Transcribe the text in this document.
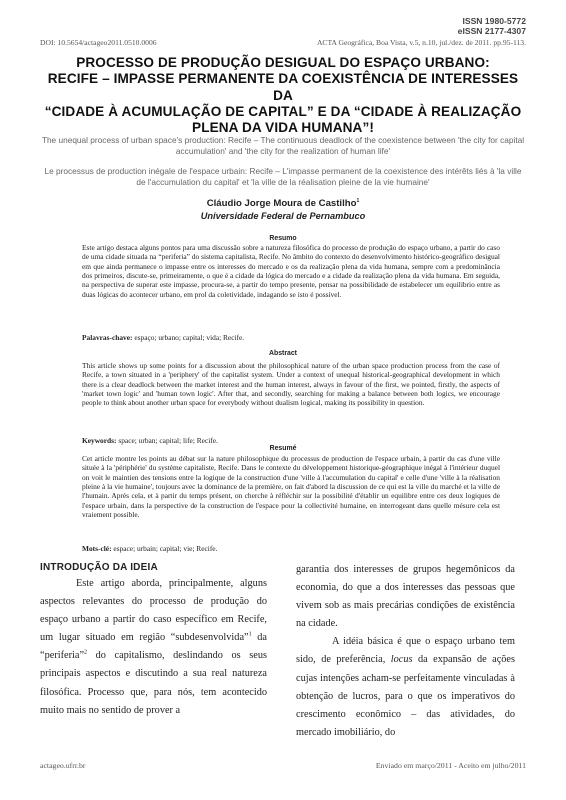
ISSN 1980-5772
eISSN 2177-4307
DOI: 10.5654/actageo2011.0510.0006	ACTA Geográfica, Boa Vista, v.5, n.10, jul./dez. de 2011. pp.95-113.
PROCESSO DE PRODUÇÃO DESIGUAL DO ESPAÇO URBANO:
RECIFE – IMPASSE PERMANENTE DA COEXISTÊNCIA DE INTERESSES DA
“CIDADE À ACUMULAÇÃO DE CAPITAL” E DA “CIDADE À REALIZAÇÃO
PLENA DA VIDA HUMANA”!
The unequal process of urban space's production: Recife – The continuous deadlock of the coexistence between 'the city for capital accumulation' and 'the city for the realization of human life'
Le processus de production inégale de l'espace urbain: Recife – L'impasse permanent de la coexistence des intérêts liés à 'la ville de l'accumulation du capital' et 'la ville de la réalisation pleine de la vie humaine'
Cláudio Jorge Moura de Castilho$^1$
Universidade Federal de Pernambuco
Resumo
Este artigo destaca alguns pontos para uma discussão sobre a natureza filosófica do processo de produção do espaço urbano, a partir do caso de uma cidade situada na “periferia” do sistema capitalista, Recife. No âmbito do contexto do desenvolvimento histórico-geográfico desigual em que ainda permanece o impasse entre os interesses do mercado e os da realização plena da vida humana, sempre com a predominância dos primeiros, discute-se, primeiramente, o que é a cidade da lógica do mercado e a cidade da realização plena da vida humana. Em seguida, na perspectiva de superar este impasse, procura-se, a partir do tempo presente, pensar na possibilidade de estabelecer um equilíbrio entre as duas lógicas do acontecer urbano, em prol da coletividade, indagando se isto é possível.
Palavras-chave: espaço; urbano; capital; vida; Recife.
Abstract
This article shows up some points for a discussion about the philosophical nature of the urban space production process from the case of Recife, a town situated in a 'periphery' of the capitalist system. Under a context of unequal historical-geographical development in which there is a clear deadlock between the market interest and the human interest, always in favour of the first, we pointed, firstly, the aspects of 'market town logic' and 'human town logic'. After that, and secondly, searching for making a balance between both logics, we encourage people to think about another urban space for everybody without dualism logical, making its possibility in question.
Keywords: space; urban; capital; life; Recife.
Resumé
Cet article montre les points au débat sur la nature philosophique du processus de production de l'espace urbain, à partir du cas d'une ville située à la 'périphérie' du système capitaliste, Recife. Dans le contexte du développement historique-géographique inégal à l'intérieur duquel on voit le maintien des tensions entre la logique de la construction d'une 'ville à l'accumulation du capital' e celle d'une 'ville à la réalisation pleine à la vie humaine', toujours avec la dominance de la première, on fait d'abord la discussion de ce qui est la ville du marché et la ville de l'humain. Après cela, et à partir du temps présent, on cherche à réfléchir sur la possibilité d'établir un equilibre entre ces deux logiques de l'espace urbain, dans la perspective de la construction de l'espace pour la collectivité humaine, en interrogeant dans quelle mésure cela est vraiement possible.
Mots-clé: espace; urbain; capital; vie; Recife.
INTRODUÇÃO DA IDEIA

Este artigo aborda, principalmente, alguns aspectos relevantes do processo de produção do espaço urbano a partir do caso específico em Recife, um lugar situado em região “subdesenvolvida”$^1$ da “periferia”$^2$ do capitalismo, deslindando os seus principais aspectos e discutindo a sua real natureza filosófica. Processo que, para nós, tem acontecido muito mais no sentido de prover a

garantia dos interesses de grupos hegemônicos da economia, do que a dos interesses das pessoas que vivem sob as mais precárias condições de existência na cidade.

A idéia básica é que o espaço urbano tem sido, de preferência, locus da expansão de ações cujas intenções acham-se perfeitamente vinculadas à obtenção de lucros, para o que os imperativos do crescimento econômico – das atividades, do mercado imobiliário, do

actageo.ufrr.br	Enviado em março/2011 - Aceito em julho/2011
